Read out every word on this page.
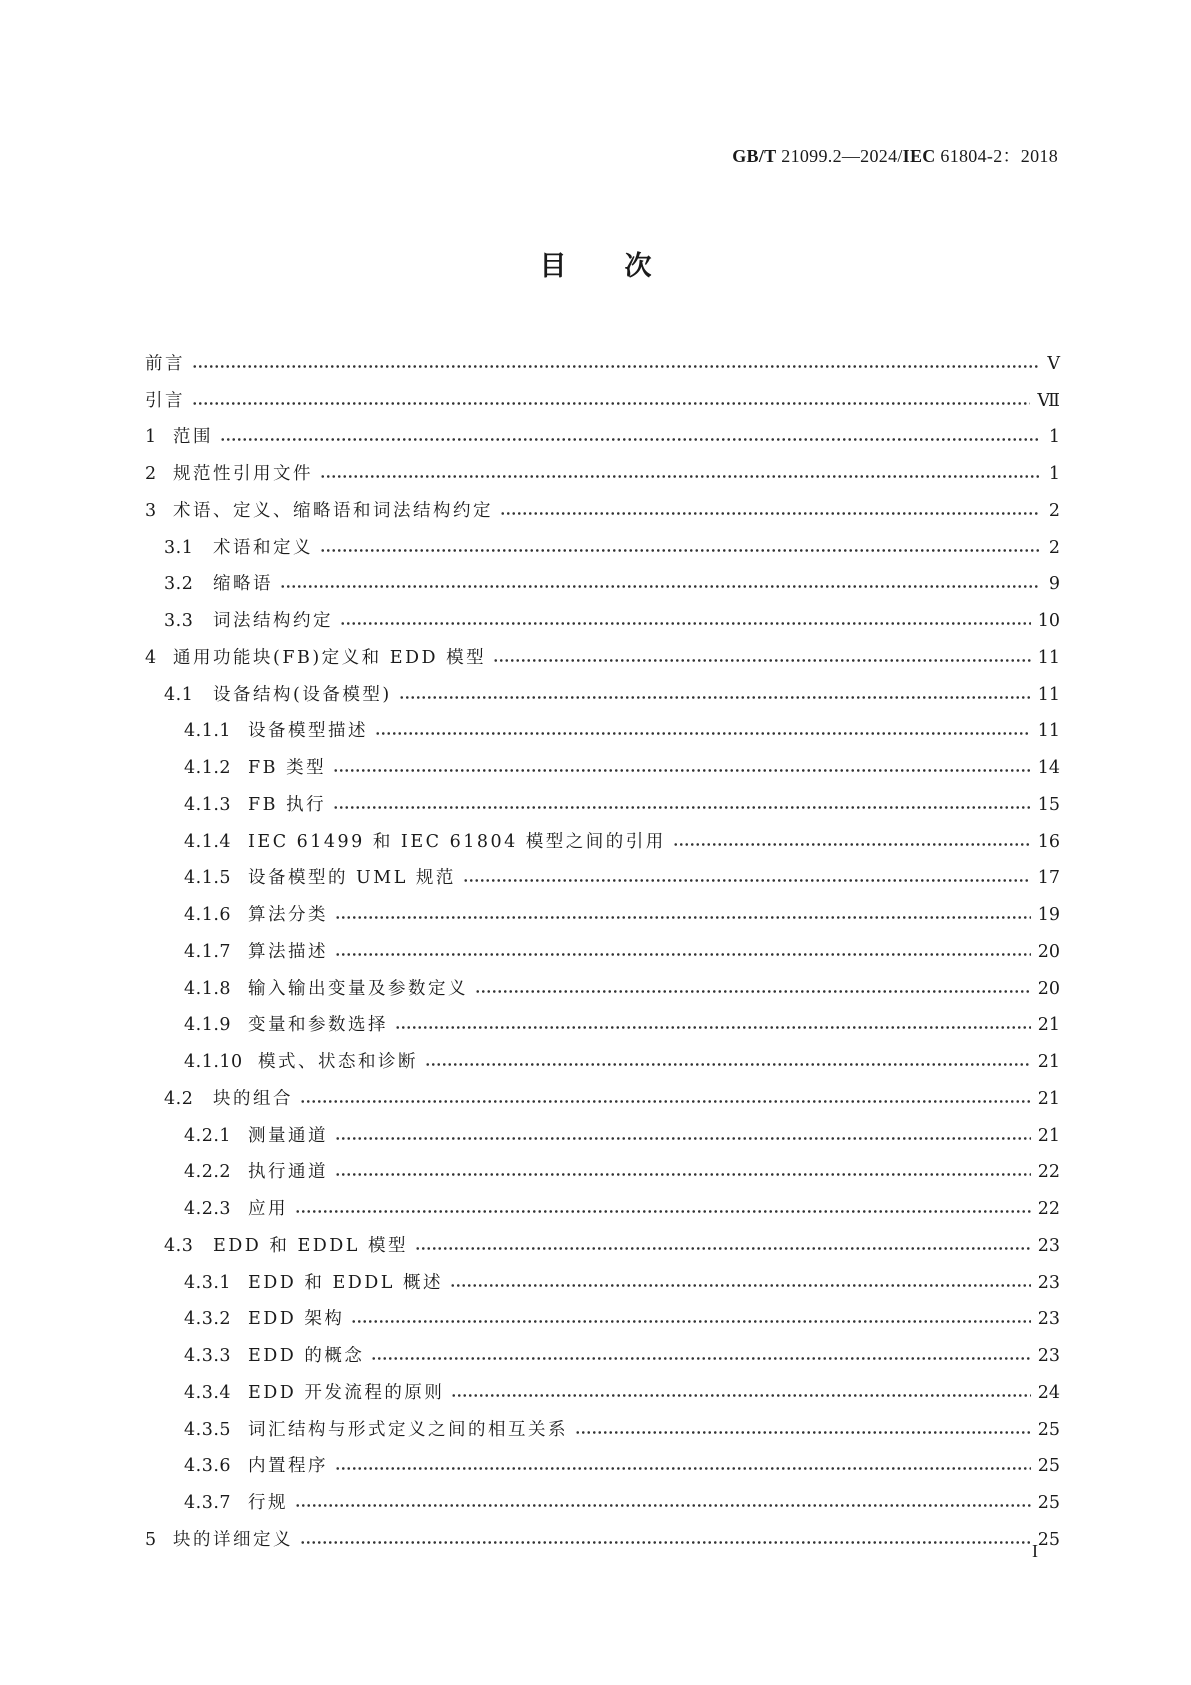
GB/T 21099.2—2024/IEC 61804-2：2018
目次
前言	Ⅴ
引言	Ⅶ
1 范围	1
2 规范性引用文件	1
3 术语、定义、缩略语和词法结构约定	2
3.1	术语和定义	2
3.2	缩略语	9
3.3	词法结构约定	10
4 通用功能块(FB)定义和 EDD 模型	11
4.1	设备结构(设备模型)	11
4.1.1 设备模型描述	11
4.1.2 FB 类型	14
4.1.3 FB 执行	15
4.1.4 IEC 61499 和 IEC 61804 模型之间的引用	16
4.1.5 设备模型的 UML 规范	17
4.1.6 算法分类	19
4.1.7 算法描述	20
4.1.8 输入输出变量及参数定义	20
4.1.9 变量和参数选择	21
4.1.10 模式、状态和诊断	21
4.2	块的组合	21
4.2.1 测量通道	21
4.2.2 执行通道	22
4.2.3 应用	22
4.3	EDD 和 EDDL 模型	23
4.3.1 EDD 和 EDDL 概述	23
4.3.2 EDD 架构	23
4.3.3 EDD 的概念	23
4.3.4 EDD 开发流程的原则	24
4.3.5 词汇结构与形式定义之间的相互关系	25
4.3.6 内置程序	25
4.3.7 行规	25
5 块的详细定义	25
I
